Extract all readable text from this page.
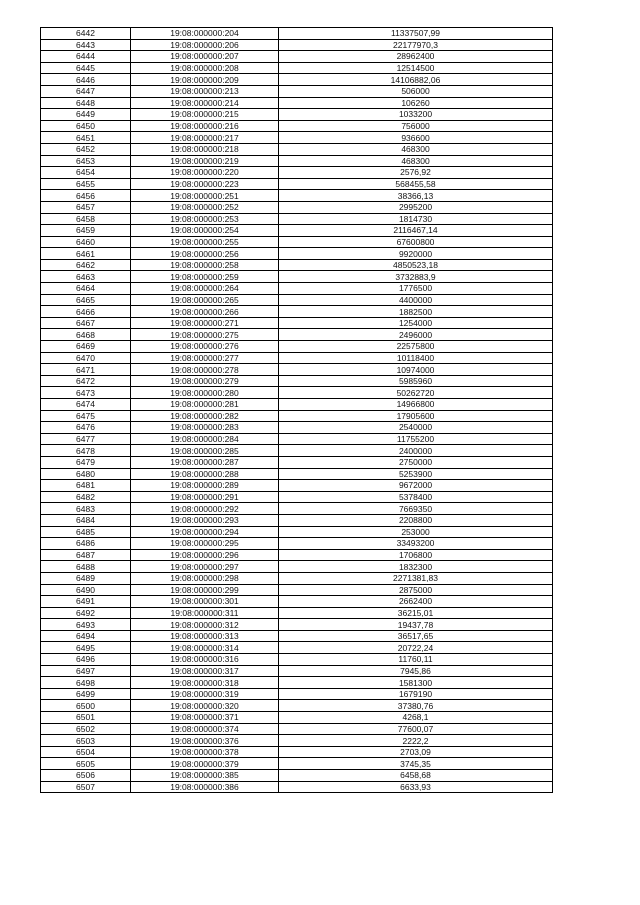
6442	19:08:000000:204	11337507,99
6443	19:08:000000:206	22177970,3
6444	19:08:000000:207	28962400
6445	19:08:000000:208	12514500
6446	19:08:000000:209	14106882,06
6447	19:08:000000:213	506000
6448	19:08:000000:214	106260
6449	19:08:000000:215	1033200
6450	19:08:000000:216	756000
6451	19:08:000000:217	936600
6452	19:08:000000:218	468300
6453	19:08:000000:219	468300
6454	19:08:000000:220	2576,92
6455	19:08:000000:223	568455,58
6456	19:08:000000:251	38366,13
6457	19:08:000000:252	2995200
6458	19:08:000000:253	1814730
6459	19:08:000000:254	2116467,14
6460	19:08:000000:255	67600800
6461	19:08:000000:256	9920000
6462	19:08:000000:258	4850523,18
6463	19:08:000000:259	3732883,9
6464	19:08:000000:264	1776500
6465	19:08:000000:265	4400000
6466	19:08:000000:266	1882500
6467	19:08:000000:271	1254000
6468	19:08:000000:275	2496000
6469	19:08:000000:276	22575800
6470	19:08:000000:277	10118400
6471	19:08:000000:278	10974000
6472	19:08:000000:279	5985960
6473	19:08:000000:280	50262720
6474	19:08:000000:281	14966800
6475	19:08:000000:282	17905600
6476	19:08:000000:283	2540000
6477	19:08:000000:284	11755200
6478	19:08:000000:285	2400000
6479	19:08:000000:287	2750000
6480	19:08:000000:288	5253900
6481	19:08:000000:289	9672000
6482	19:08:000000:291	5378400
6483	19:08:000000:292	7669350
6484	19:08:000000:293	2208800
6485	19:08:000000:294	253000
6486	19:08:000000:295	33493200
6487	19:08:000000:296	1706800
6488	19:08:000000:297	1832300
6489	19:08:000000:298	2271381,83
6490	19:08:000000:299	2875000
6491	19:08:000000:301	2662400
6492	19:08:000000:311	36215,01
6493	19:08:000000:312	19437,78
6494	19:08:000000:313	36517,65
6495	19:08:000000:314	20722,24
6496	19:08:000000:316	11760,11
6497	19:08:000000:317	7945,86
6498	19:08:000000:318	1581300
6499	19:08:000000:319	1679190
6500	19:08:000000:320	37380,76
6501	19:08:000000:371	4268,1
6502	19:08:000000:374	77600,07
6503	19:08:000000:376	2222,2
6504	19:08:000000:378	2703,09
6505	19:08:000000:379	3745,35
6506	19:08:000000:385	6458,68
6507	19:08:000000:386	6633,93
